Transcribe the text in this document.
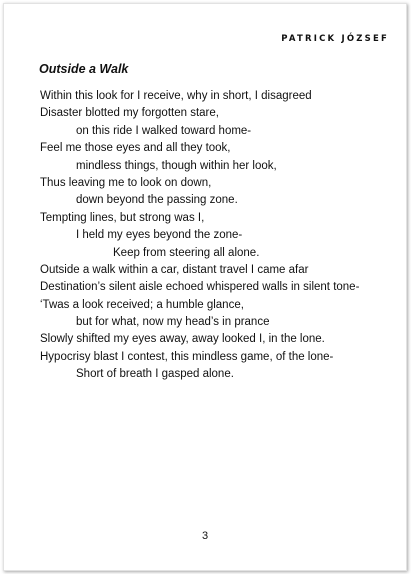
PATRICK JÓZSEF
Outside a Walk
Within this look for I receive, why in short, I disagreed
Disaster blotted my forgotten stare,
on this ride I walked toward home-
Feel me those eyes and all they took,
mindless things, though within her look,
Thus leaving me to look on down,
down beyond the passing zone.
Tempting lines, but strong was I,
I held my eyes beyond the zone-
Keep from steering all alone.
Outside a walk within a car, distant travel I came afar
Destination’s silent aisle echoed whispered walls in silent tone-
‘Twas a look received; a humble glance,
but for what, now my head’s in prance
Slowly shifted my eyes away, away looked I, in the lone.
Hypocrisy blast I contest, this mindless game, of the lone-
Short of breath I gasped alone.
3
